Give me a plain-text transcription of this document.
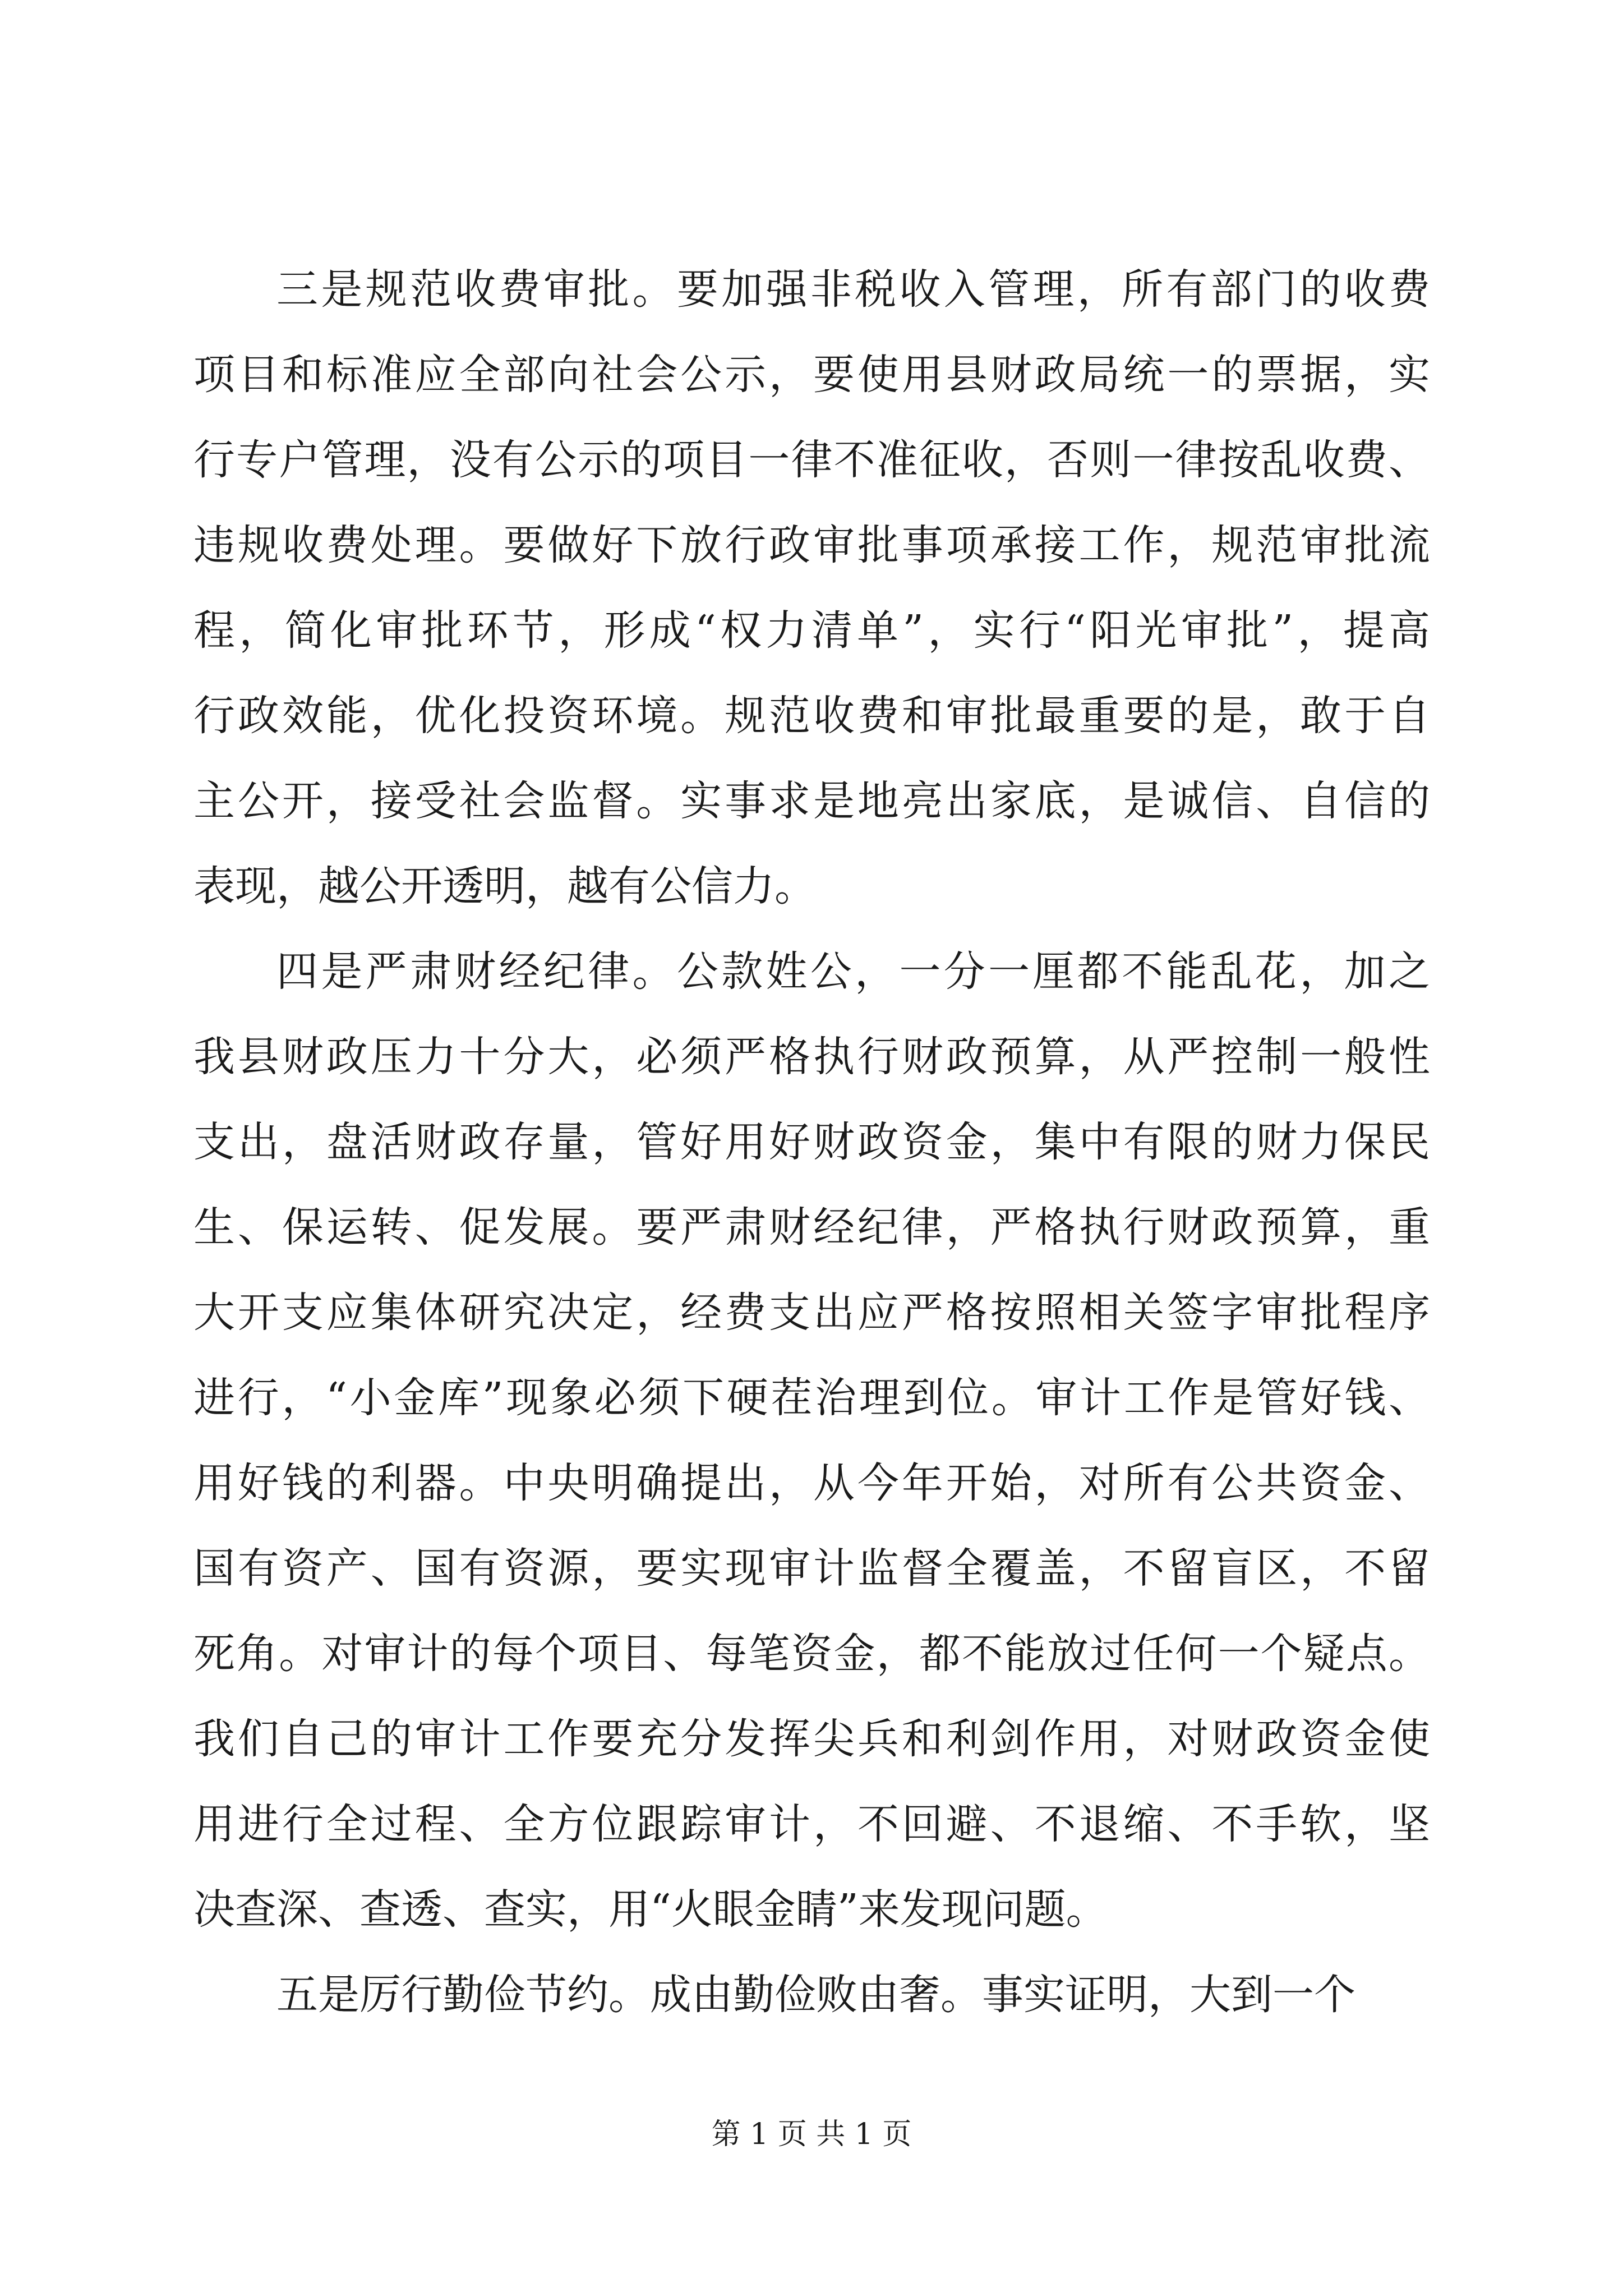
三是规范收费审批。要加强非税收入管理，所有部门的收费
项目和标准应全部向社会公示，要使用县财政局统一的票据，实
行专户管理，没有公示的项目一律不准征收，否则一律按乱收费、
违规收费处理。要做好下放行政审批事项承接工作，规范审批流
程，简化审批环节，形成“权力清单”，实行“阳光审批”，提高
行政效能，优化投资环境。规范收费和审批最重要的是，敢于自
主公开，接受社会监督。实事求是地亮出家底，是诚信、自信的
表现，越公开透明，越有公信力。
四是严肃财经纪律。公款姓公，一分一厘都不能乱花，加之
我县财政压力十分大，必须严格执行财政预算，从严控制一般性
支出，盘活财政存量，管好用好财政资金，集中有限的财力保民
生、保运转、促发展。要严肃财经纪律，严格执行财政预算，重
大开支应集体研究决定，经费支出应严格按照相关签字审批程序
进行，“小金库”现象必须下硬茬治理到位。审计工作是管好钱、
用好钱的利器。中央明确提出，从今年开始，对所有公共资金、
国有资产、国有资源，要实现审计监督全覆盖，不留盲区，不留
死角。对审计的每个项目、每笔资金，都不能放过任何一个疑点。
我们自己的审计工作要充分发挥尖兵和利剑作用，对财政资金使
用进行全过程、全方位跟踪审计，不回避、不退缩、不手软，坚
决查深、查透、查实，用“火眼金睛”来发现问题。
五是厉行勤俭节约。成由勤俭败由奢。事实证明，大到一个
第 1 页 共 1 页
